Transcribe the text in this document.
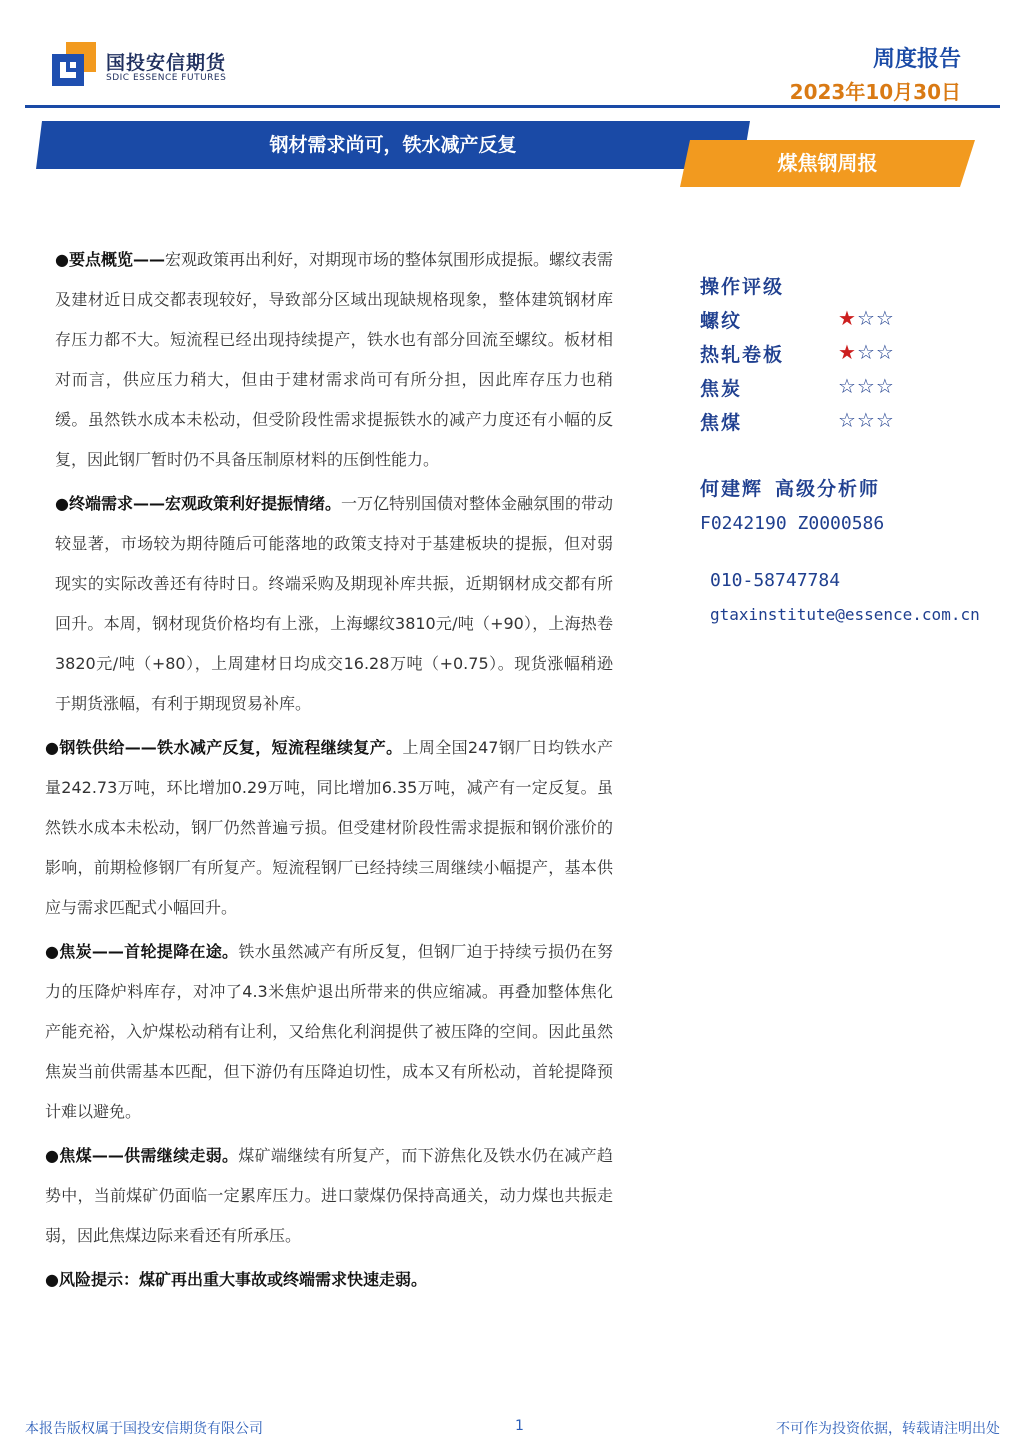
国投安信期货
SDIC ESSENCE FUTURES
周度报告
2023年10月30日
钢材需求尚可，铁水减产反复
煤焦钢周报

●要点概览——宏观政策再出利好，对期现市场的整体氛围形成提振。螺纹表需及建材近日成交都表现较好，导致部分区域出现缺规格现象，整体建筑钢材库存压力都不大。短流程已经出现持续提产，铁水也有部分回流至螺纹。板材相对而言，供应压力稍大，但由于建材需求尚可有所分担，因此库存压力也稍缓。虽然铁水成本未松动，但受阶段性需求提振铁水的减产力度还有小幅的反复，因此钢厂暂时仍不具备压制原材料的压倒性能力。

●终端需求——宏观政策利好提振情绪。一万亿特别国债对整体金融氛围的带动较显著，市场较为期待随后可能落地的政策支持对于基建板块的提振，但对弱现实的实际改善还有待时日。终端采购及期现补库共振，近期钢材成交都有所回升。本周，钢材现货价格均有上涨，上海螺纹3810元/吨（+90），上海热卷3820元/吨（+80），上周建材日均成交16.28万吨（+0.75）。现货涨幅稍逊于期货涨幅，有利于期现贸易补库。

●钢铁供给——铁水减产反复，短流程继续复产。上周全国247钢厂日均铁水产量242.73万吨，环比增加0.29万吨，同比增加6.35万吨，减产有一定反复。虽然铁水成本未松动，钢厂仍然普遍亏损。但受建材阶段性需求提振和钢价涨价的影响，前期检修钢厂有所复产。短流程钢厂已经持续三周继续小幅提产，基本供应与需求匹配式小幅回升。

●焦炭——首轮提降在途。铁水虽然减产有所反复，但钢厂迫于持续亏损仍在努力的压降炉料库存，对冲了4.3米焦炉退出所带来的供应缩减。再叠加整体焦化产能充裕，入炉煤松动稍有让利，又给焦化利润提供了被压降的空间。因此虽然焦炭当前供需基本匹配，但下游仍有压降迫切性，成本又有所松动，首轮提降预计难以避免。

●焦煤——供需继续走弱。煤矿端继续有所复产，而下游焦化及铁水仍在减产趋势中，当前煤矿仍面临一定累库压力。进口蒙煤仍保持高通关，动力煤也共振走弱，因此焦煤边际来看还有所承压。

●风险提示：煤矿再出重大事故或终端需求快速走弱。

操作评级
螺纹	★☆☆
热轧卷板	★☆☆
焦炭	☆☆☆
焦煤	☆☆☆
何建辉 高级分析师
F0242190 Z0000586
010-58747784
gtaxinstitute@essence.com.cn
本报告版权属于国投安信期货有限公司	1	不可作为投资依据，转载请注明出处
